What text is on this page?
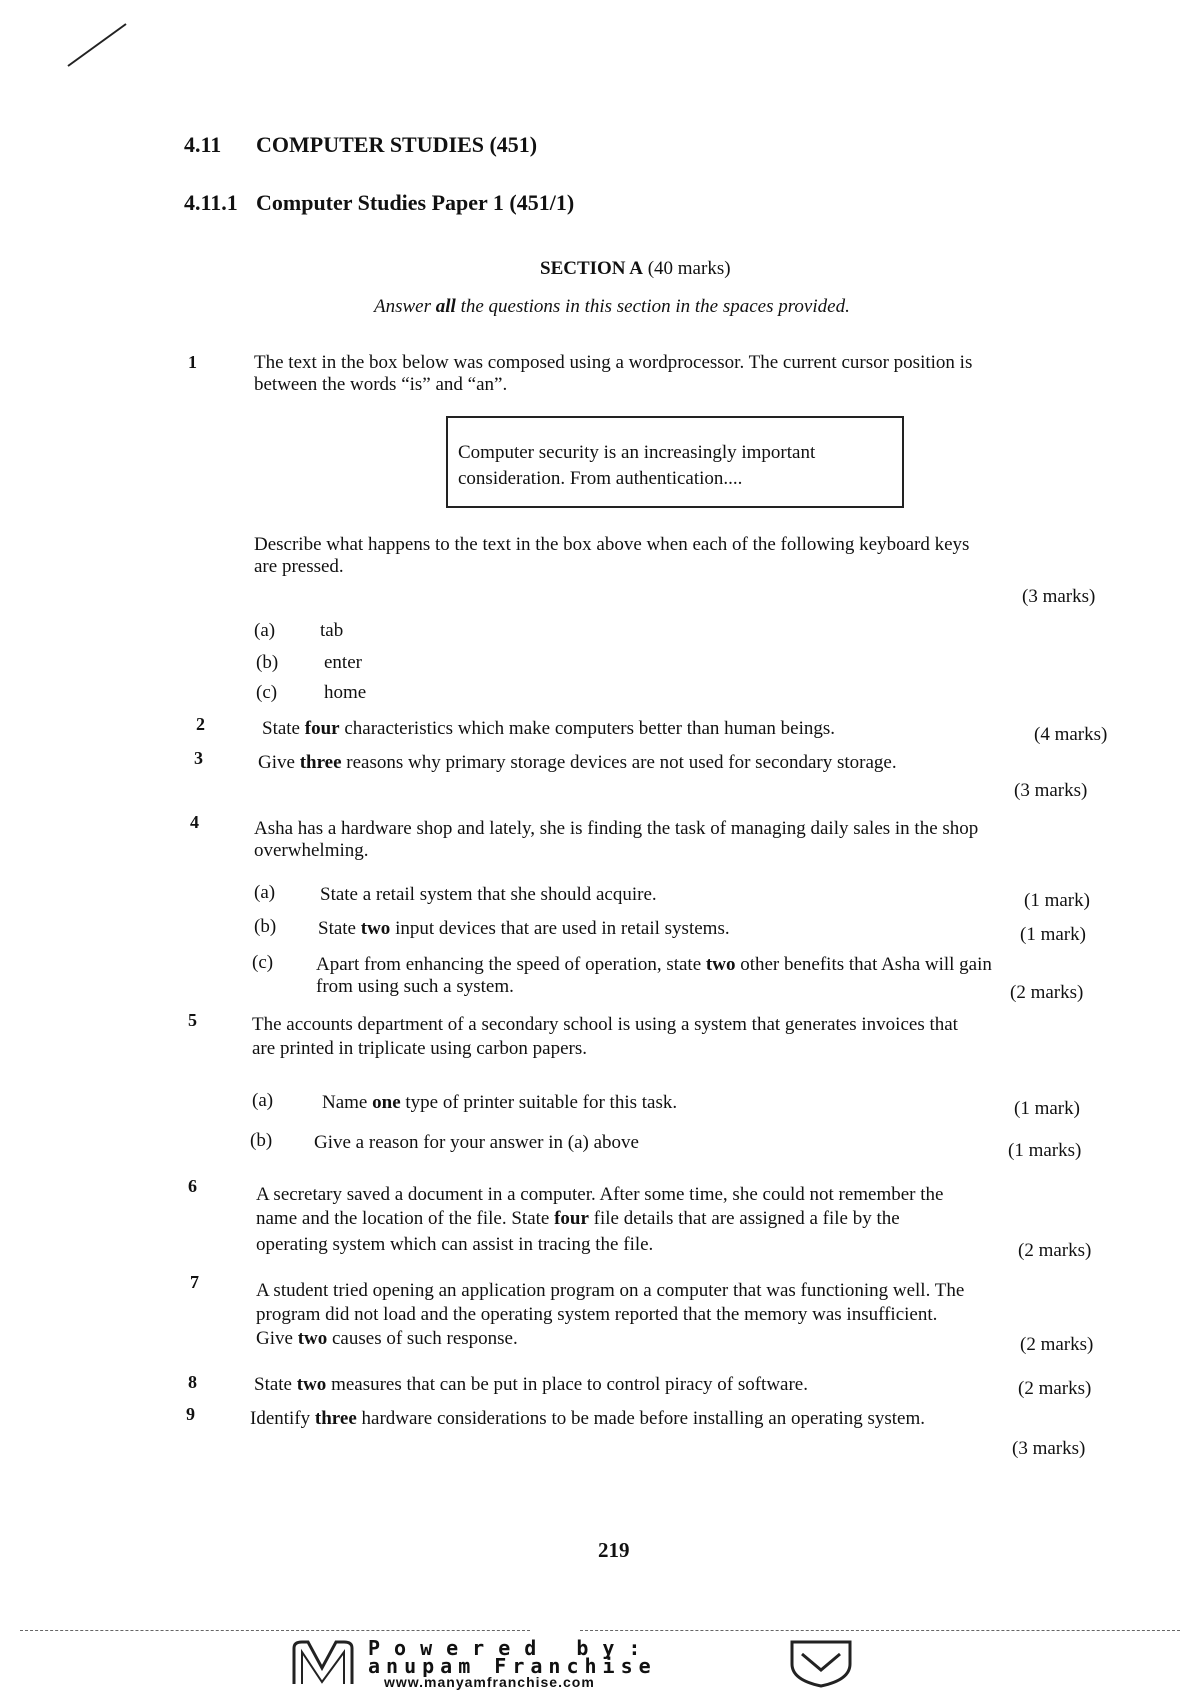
4.11 COMPUTER STUDIES (451)
4.11.1 Computer Studies Paper 1 (451/1)
SECTION A (40 marks)
Answer all the questions in this section in the spaces provided.
1	The text in the box below was composed using a wordprocessor. The current cursor position is
between the words “is” and “an”.
Computer security is an increasingly important
consideration. From authentication....
Describe what happens to the text in the box above when each of the following keyboard keys
are pressed.
(3 marks)
(a) tab
(b) enter
(c) home
2	State four characteristics which make computers better than human beings.	(4 marks)
3	Give three reasons why primary storage devices are not used for secondary storage.
(3 marks)
4	Asha has a hardware shop and lately, she is finding the task of managing daily sales in the shop
overwhelming.
(a) State a retail system that she should acquire.	(1 mark)
(b) State two input devices that are used in retail systems.	(1 mark)
(c) Apart from enhancing the speed of operation, state two other benefits that Asha will gain
from using such a system.	(2 marks)
5	The accounts department of a secondary school is using a system that generates invoices that
are printed in triplicate using carbon papers.
(a)	Name one type of printer suitable for this task.	(1 mark)
(b) Give a reason for your answer in (a) above	(1 marks)
6	A secretary saved a document in a computer. After some time, she could not remember the
name and the location of the file. State four file details that are assigned a file by the
operating system which can assist in tracing the file.	(2 marks)
7	A student tried opening an application program on a computer that was functioning well. The
program did not load and the operating system reported that the memory was insufficient.
Give two causes of such response.	(2 marks)
8	State two measures that can be put in place to control piracy of software.	(2 marks)
9	Identify three hardware considerations to be made before installing an operating system.
(3 marks)
219
Powered by:
anupam Franchise
www.manyamfranchise.com
